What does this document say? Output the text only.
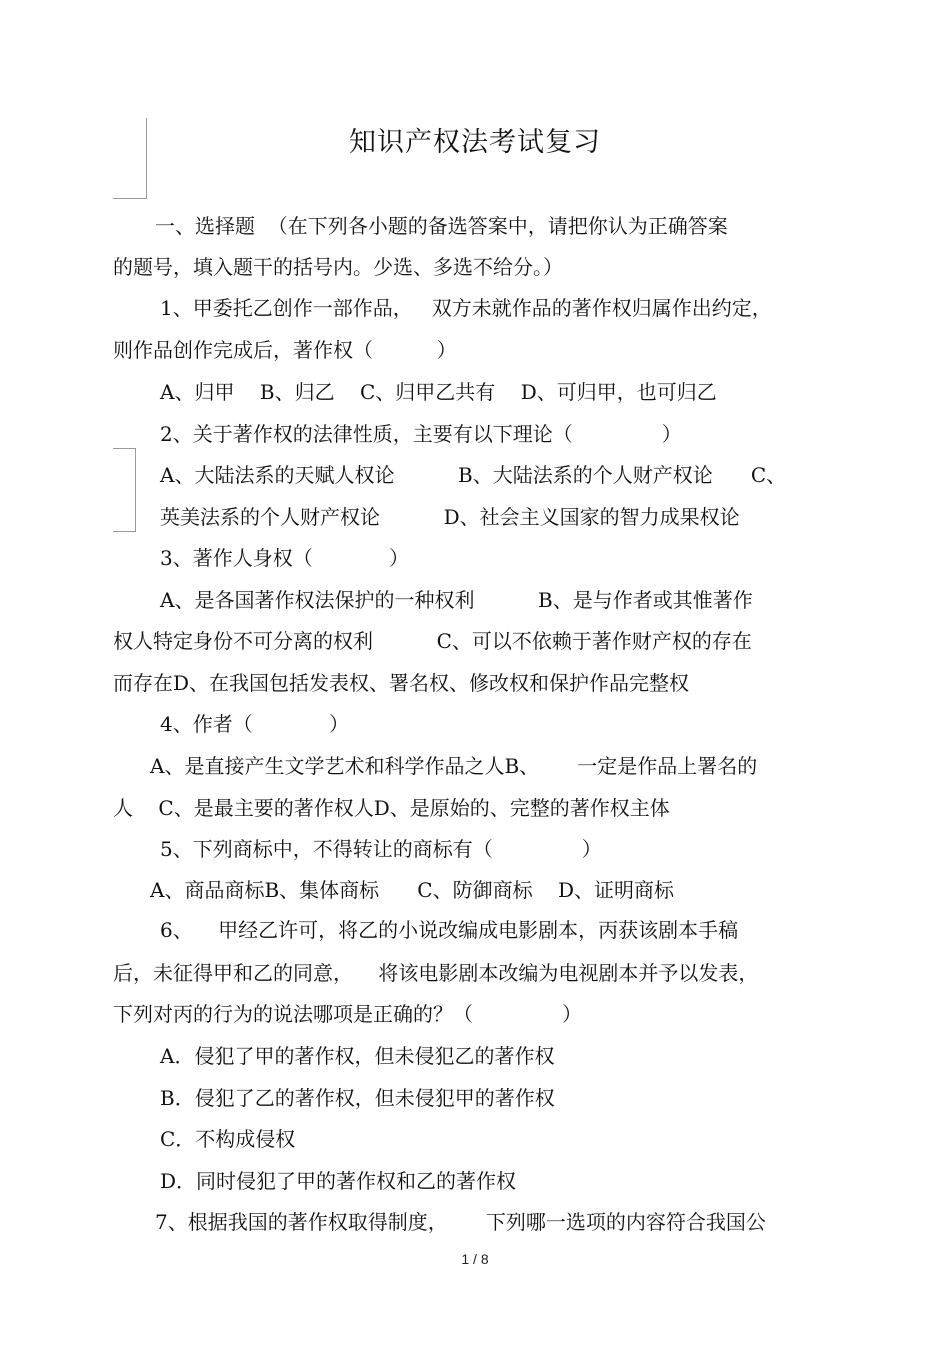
知识产权法考试复习
一、选择题  （在下列各小题的备选答案中，请把你认为正确答案
的题号，填入题干的括号内。少选、多选不给分。）
1、甲委托乙创作一部作品，   双方未就作品的著作权归属作出约定，
则作品创作完成后，著作权（          ）
A、归甲    B、归乙    C、归甲乙共有    D、可归甲，也可归乙
2、关于著作权的法律性质，主要有以下理论（              ）
A、大陆法系的天赋人权论          B、大陆法系的个人财产权论      C、
英美法系的个人财产权论          D、社会主义国家的智力成果权论
3、著作人身权（            ）
A、是各国著作权法保护的一种权利          B、是与作者或其惟著作
权人特定身份不可分离的权利          C、可以不依赖于著作财产权的存在
而存在D、在我国包括发表权、署名权、修改权和保护作品完整权
4、作者（            ）
A、是直接产生文学艺术和科学作品之人B、      一定是作品上署名的
人    C、是最主要的著作权人D、是原始的、完整的著作权主体
5、下列商标中，不得转让的商标有（              ）
A、商品商标B、集体商标      C、防御商标    D、证明商标
6、    甲经乙许可，将乙的小说改编成电影剧本，丙获该剧本手稿
后，未征得甲和乙的同意，    将该电影剧本改编为电视剧本并予以发表，
下列对丙的行为的说法哪项是正确的？（              ）
A．侵犯了甲的著作权，但未侵犯乙的著作权
B．侵犯了乙的著作权，但未侵犯甲的著作权
C．不构成侵权
D．同时侵犯了甲的著作权和乙的著作权
7、根据我国的著作权取得制度，      下列哪一选项的内容符合我国公
1 / 8
